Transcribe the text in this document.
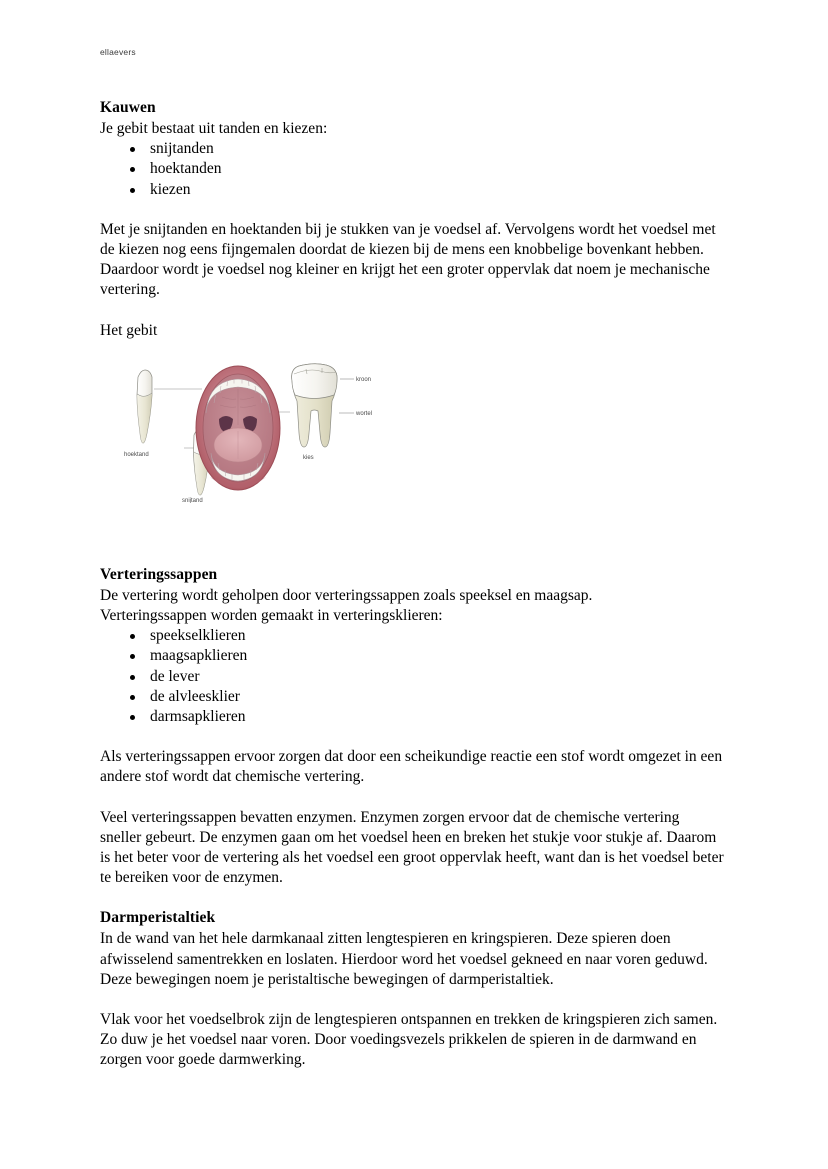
ellaevers
Kauwen

Je gebit bestaat uit tanden en kiezen:

snijtanden
hoektanden
kiezen

Met je snijtanden en hoektanden bij je stukken van je voedsel af. Vervolgens wordt het voedsel met de kiezen nog eens fijngemalen doordat de kiezen bij de mens een knobbelige bovenkant hebben. Daardoor wordt je voedsel nog kleiner en krijgt het een groter oppervlak dat noem je mechanische vertering.

Het gebit

hoektand
snijtand
kies
kroon
wortel
Verteringssappen

De vertering wordt geholpen door verteringssappen zoals speeksel en maagsap.

Verteringssappen worden gemaakt in verteringsklieren:

speekselklieren
maagsapklieren
de lever
de alvleesklier
darmsapklieren

Als verteringssappen ervoor zorgen dat door een scheikundige reactie een stof wordt omgezet in een andere stof wordt dat chemische vertering.

Veel verteringssappen bevatten enzymen. Enzymen zorgen ervoor dat de chemische vertering sneller gebeurt. De enzymen gaan om het voedsel heen en breken het stukje voor stukje af. Daarom is het beter voor de vertering als het voedsel een groot oppervlak heeft, want dan is het voedsel beter te bereiken voor de enzymen.

Darmperistaltiek

In de wand van het hele darmkanaal zitten lengtespieren en kringspieren. Deze spieren doen afwisselend samentrekken en loslaten. Hierdoor word het voedsel gekneed en naar voren geduwd. Deze bewegingen noem je peristaltische bewegingen of darmperistaltiek.

Vlak voor het voedselbrok zijn de lengtespieren ontspannen en trekken de kringspieren zich samen. Zo duw je het voedsel naar voren. Door voedingsvezels prikkelen de spieren in de darmwand en zorgen voor goede darmwerking.
